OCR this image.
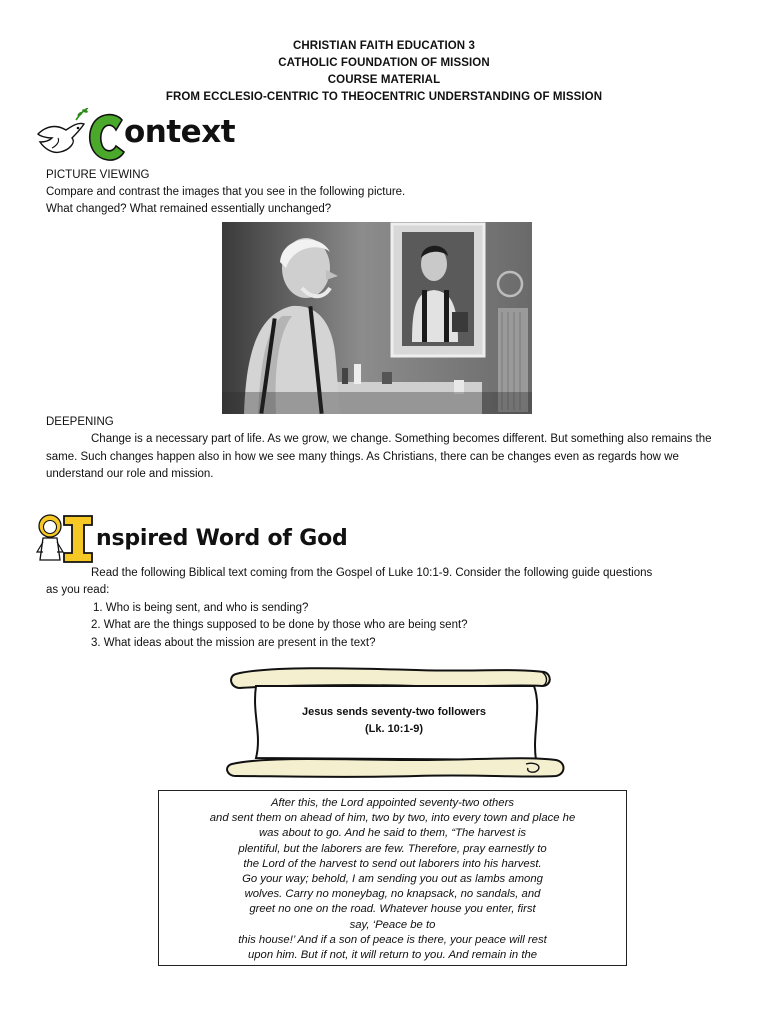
CHRISTIAN FAITH EDUCATION 3
CATHOLIC FOUNDATION OF MISSION
COURSE MATERIAL
FROM ECCLESIO-CENTRIC TO THEOCENTRIC UNDERSTANDING OF MISSION
ontext
PICTURE VIEWING
Compare and contrast the images that you see in the following picture.
What changed? What remained essentially unchanged?
DEEPENING
Change is a necessary part of life. As we grow, we change. Something becomes different. But something also remains the same. Such changes happen also in how we see many things. As Christians, there can be changes even as regards how we understand our role and mission.
nspired Word of God
Read the following Biblical text coming from the Gospel of Luke 10:1-9. Consider the following guide questions
as you read:
1. Who is being sent, and who is sending?
2. What are the things supposed to be done by those who are being sent?
3. What ideas about the mission are present in the text?
Jesus sends seventy-two followers
(Lk. 10:1-9)
After this, the Lord appointed seventy-two others
and sent them on ahead of him, two by two, into every town and place he
was about to go. And he said to them, “The harvest is
plentiful, but the laborers are few. Therefore, pray earnestly to
the Lord of the harvest to send out laborers into his harvest.
Go your way; behold, I am sending you out as lambs among
wolves. Carry no moneybag, no knapsack, no sandals, and
greet no one on the road. Whatever house you enter, first
say, ‘Peace be to
this house!’ And if a son of peace is there, your peace will rest
upon him. But if not, it will return to you. And remain in the
